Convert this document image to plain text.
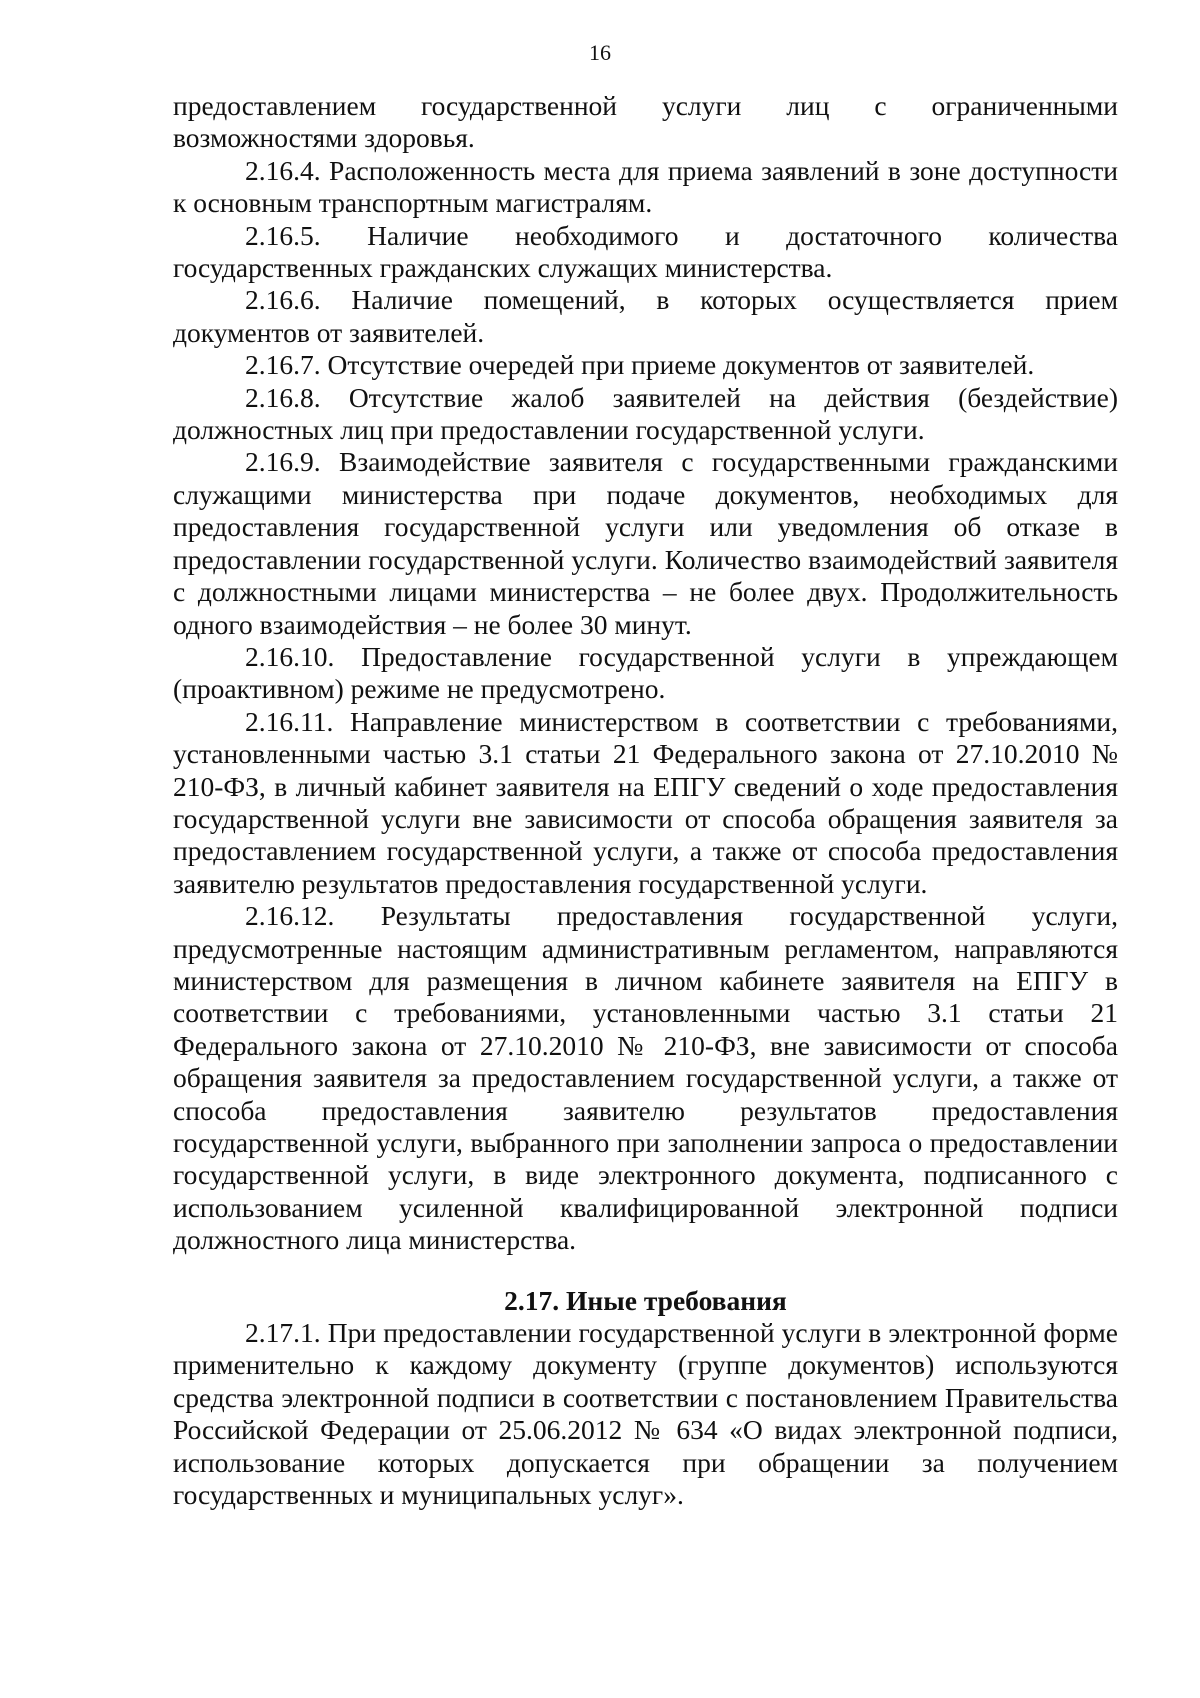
16

предоставлением государственной услуги лиц с ограниченными возможностями здоровья.

2.16.4. Расположенность места для приема заявлений в зоне доступности к основным транспортным магистралям.

2.16.5. Наличие необходимого и достаточного количества государственных гражданских служащих министерства.

2.16.6. Наличие помещений, в которых осуществляется прием документов от заявителей.

2.16.7. Отсутствие очередей при приеме документов от заявителей.

2.16.8. Отсутствие жалоб заявителей на действия (бездействие) должностных лиц при предоставлении государственной услуги.

2.16.9. Взаимодействие заявителя с государственными гражданскими служащими министерства при подаче документов, необходимых для предоставления государственной услуги или уведомления об отказе в предоставлении государственной услуги. Количество взаимодействий заявителя с должностными лицами министерства – не более двух. Продолжительность одного взаимодействия – не более 30 минут.

2.16.10. Предоставление государственной услуги в упреждающем (проактивном) режиме не предусмотрено.

2.16.11. Направление министерством в соответствии с требованиями, установленными частью 3.1 статьи 21 Федерального закона от 27.10.2010 № 210-ФЗ, в личный кабинет заявителя на ЕПГУ сведений о ходе предоставления государственной услуги вне зависимости от способа обращения заявителя за предоставлением государственной услуги, а также от способа предоставления заявителю результатов предоставления государственной услуги.

2.16.12. Результаты предоставления государственной услуги, предусмотренные настоящим административным регламентом, направляются министерством для размещения в личном кабинете заявителя на ЕПГУ в соответствии с требованиями, установленными частью 3.1 статьи 21 Федерального закона от 27.10.2010 № 210-ФЗ, вне зависимости от способа обращения заявителя за предоставлением государственной услуги, а также от способа предоставления заявителю результатов предоставления государственной услуги, выбранного при заполнении запроса о предоставлении государственной услуги, в виде электронного документа, подписанного с использованием усиленной квалифицированной электронной подписи должностного лица министерства.

2.17. Иные требования

2.17.1. При предоставлении государственной услуги в электронной форме применительно к каждому документу (группе документов) используются средства электронной подписи в соответствии с постановлением Правительства Российской Федерации от 25.06.2012 № 634 «О видах электронной подписи, использование которых допускается при обращении за получением государственных и муниципальных услуг».
